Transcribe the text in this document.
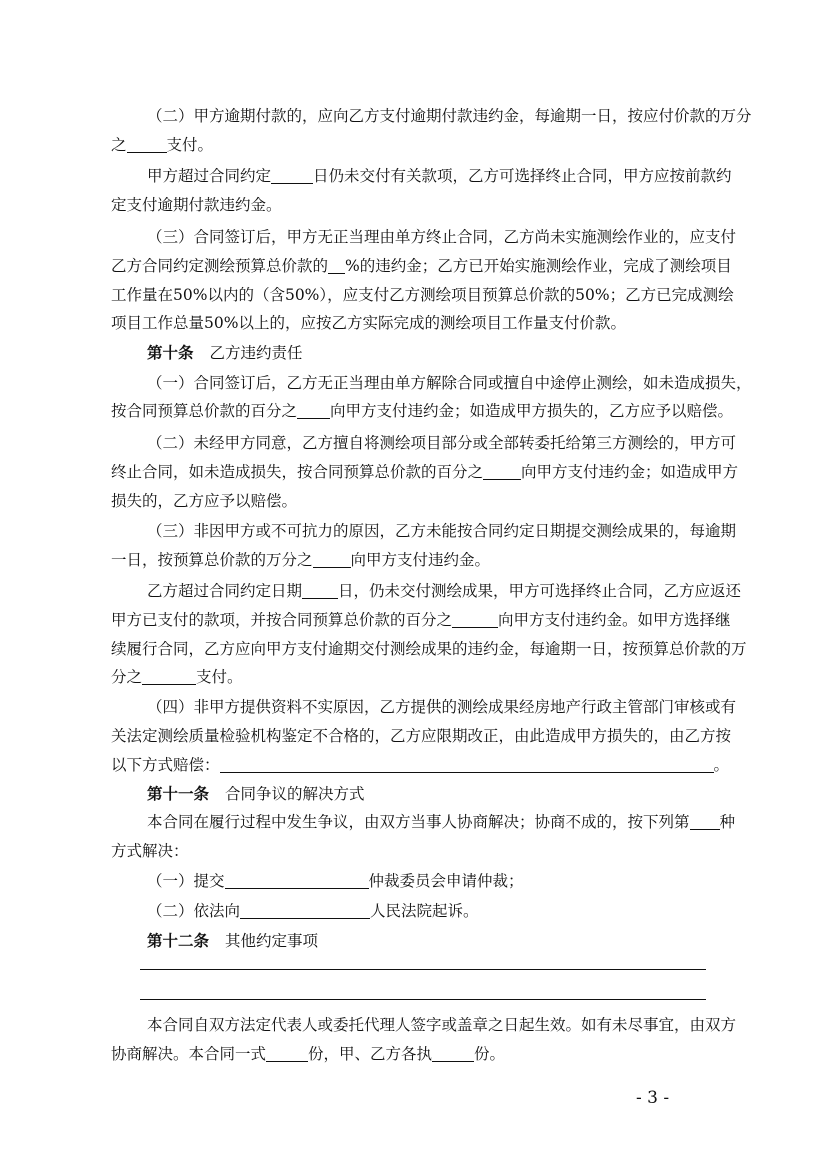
（二）甲方逾期付款的，应向乙方支付逾期付款违约金，每逾期一日，按应付价款的万分
之	支付。
甲方超过合同约定	日仍未交付有关款项，乙方可选择终止合同，甲方应按前款约
定支付逾期付款违约金。
（三）合同签订后，甲方无正当理由单方终止合同，乙方尚未实施测绘作业的，应支付
乙方合同约定测绘预算总价款的 %的违约金；乙方已开始实施测绘作业，完成了测绘项目
工作量在50%以内的（含50%），应支付乙方测绘项目预算总价款的50%；乙方已完成测绘
项目工作总量50%以上的，应按乙方实际完成的测绘项目工作量支付价款。
第十条 乙方违约责任
（一）合同签订后，乙方无正当理由单方解除合同或擅自中途停止测绘，如未造成损失，
按合同预算总价款的百分之 向甲方支付违约金；如造成甲方损失的，乙方应予以赔偿。
（二）未经甲方同意，乙方擅自将测绘项目部分或全部转委托给第三方测绘的，甲方可
终止合同，如未造成损失，按合同预算总价款的百分之 向甲方支付违约金；如造成甲方
损失的，乙方应予以赔偿。
（三）非因甲方或不可抗力的原因，乙方未能按合同约定日期提交测绘成果的，每逾期
一日，按预算总价款的万分之 向甲方支付违约金。
乙方超过合同约定日期 日，仍未交付测绘成果，甲方可选择终止合同，乙方应返还
甲方已支付的款项，并按合同预算总价款的百分之	向甲方支付违约金。如甲方选择继
续履行合同，乙方应向甲方支付逾期交付测绘成果的违约金，每逾期一日，按预算总价款的万
分之	支付。
（四）非甲方提供资料不实原因，乙方提供的测绘成果经房地产行政主管部门审核或有
关法定测绘质量检验机构鉴定不合格的，乙方应限期改正，由此造成甲方损失的，由乙方按
以下方式赔偿：	。
第十一条 合同争议的解决方式
本合同在履行过程中发生争议，由双方当事人协商解决；协商不成的，按下列第 种
方式解决：
（一）提交	仲裁委员会申请仲裁；
（二）依法向	人民法院起诉。
第十二条 其他约定事项
本合同自双方法定代表人或委托代理人签字或盖章之日起生效。如有未尽事宜，由双方
协商解决。本合同一式	份，甲、乙方各执	份。
- 3 -
